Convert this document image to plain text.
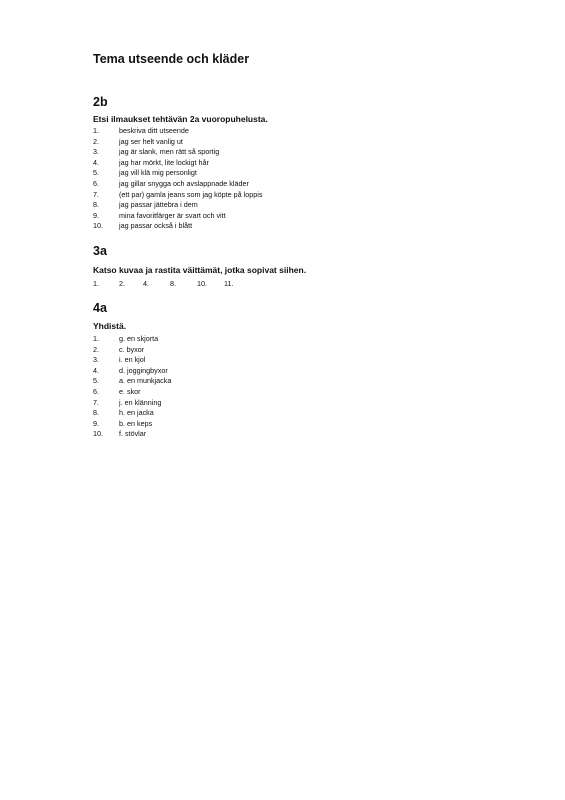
Tema utseende och kläder
2b

Etsi ilmaukset tehtävän 2a vuoropuhelusta.

1.	beskriva ditt utseende
2.	jag ser helt vanlig ut
3.	jag är slank, men rätt så sportig
4.	jag har mörkt, lite lockigt hår
5.	jag vill klä mig personligt
6.	jag gillar snygga och avslappnade kläder
7.	(ett par) gamla jeans som jag köpte på loppis
8.	jag passar jättebra i dem
9.	mina favoritfärger är svart och vitt
10.	jag passar också i blått
3a

Katso kuvaa ja rastita väittämät, jotka sopivat siihen.

1.	2.	4.	8.	10.	11.
4a

Yhdistä.

1.	g. en skjorta
2.	c. byxor
3.	i. en kjol
4.	d. joggingbyxor
5.	a. en munkjacka
6.	e. skor
7.	j. en klänning
8.	h. en jacka
9.	b. en keps
10.	f. stövlar
